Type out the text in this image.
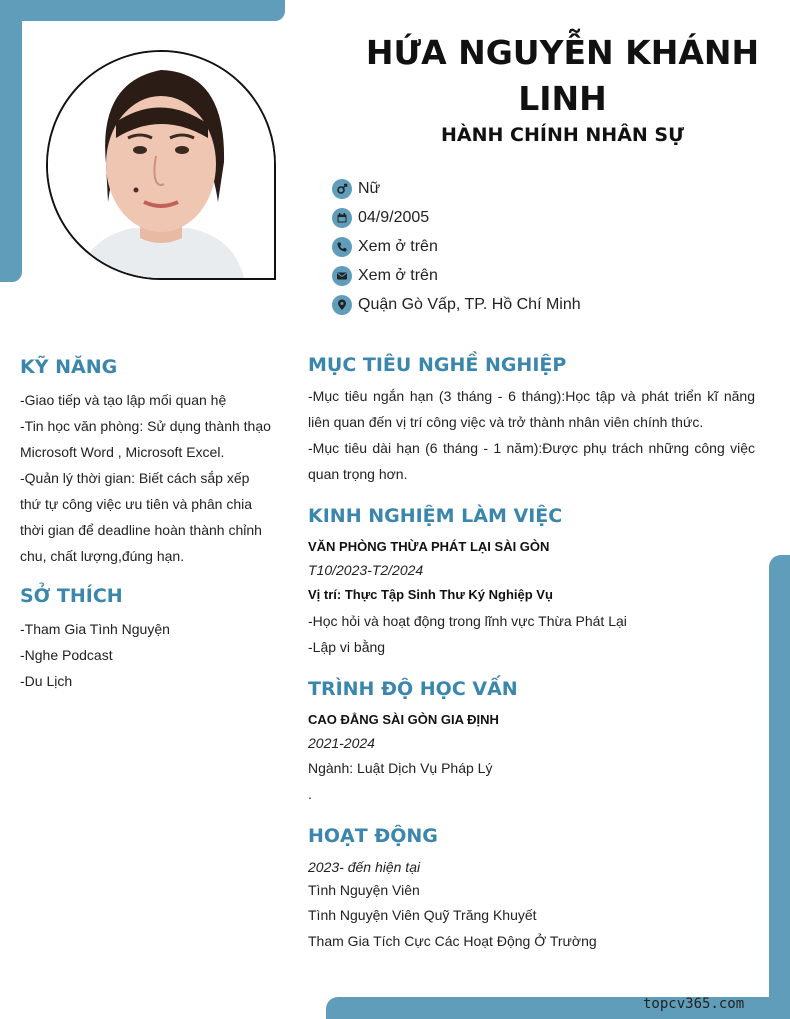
HỨA NGUYỄN KHÁNH LINH
HÀNH CHÍNH NHÂN SỰ
Nữ
04/9/2005
Xem ở trên
Xem ở trên
Quận Gò Vấp, TP. Hồ Chí Minh
KỸ NĂNG
-Giao tiếp và tạo lập mối quan hệ
-Tin học văn phòng: Sử dụng thành thạo Microsoft Word , Microsoft Excel.
-Quản lý thời gian: Biết cách sắp xếp thứ tự công việc ưu tiên và phân chia thời gian để deadline hoàn thành chỉnh chu, chất lượng,đúng hạn.
SỞ THÍCH
-Tham Gia Tình Nguyện
-Nghe Podcast
-Du Lịch
MỤC TIÊU NGHỀ NGHIỆP
-Mục tiêu ngắn hạn (3 tháng - 6 tháng):Học tập và phát triển kĩ năng liên quan đến vị trí công việc và trở thành nhân viên chính thức.
-Mục tiêu dài hạn (6 tháng - 1 năm):Được phụ trách những công việc quan trọng hơn.
KINH NGHIỆM LÀM VIỆC
VĂN PHÒNG THỪA PHÁT LẠI SÀI GÒN
T10/2023-T2/2024
Vị trí: Thực Tập Sinh Thư Ký Nghiệp Vụ
-Học hỏi và hoạt động trong lĩnh vực Thừa Phát Lại
-Lập vi bằng
TRÌNH ĐỘ HỌC VẤN
CAO ĐẲNG SÀI GÒN GIA ĐỊNH
2021-2024
Ngành: Luật Dịch Vụ Pháp Lý
.
HOẠT ĐỘNG
2023- đến hiện tại
Tình Nguyện Viên
Tình Nguyện Viên Quỹ Trăng Khuyết
Tham Gia Tích Cực Các Hoạt Động Ở Trường
topcv365.com
